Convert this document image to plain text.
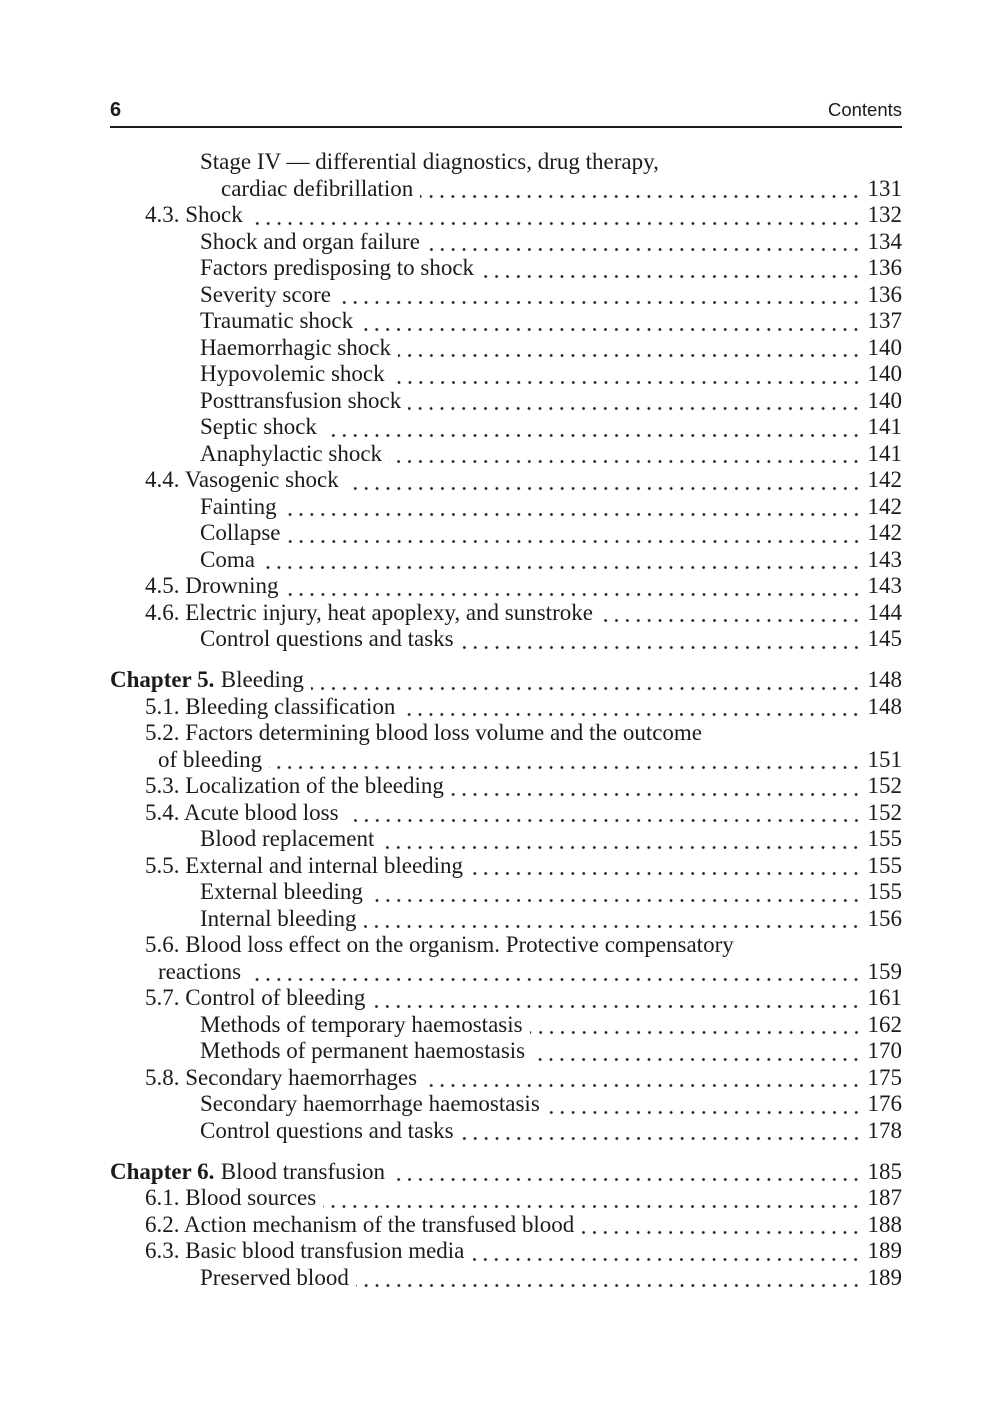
6	Contents
Stage IV — differential diagnostics, drug therapy,
cardiac defibrillation	131
4.3. Shock	132
Shock and organ failure	134
Factors predisposing to shock	136
Severity score	136
Traumatic shock	137
Haemorrhagic shock	140
Hypovolemic shock	140
Posttransfusion shock	140
Septic shock	141
Anaphylactic shock	141
4.4. Vasogenic shock	142
Fainting	142
Collapse	142
Coma	143
4.5. Drowning	143
4.6. Electric injury, heat apoplexy, and sunstroke	144
Control questions and tasks	145
Chapter 5. Bleeding	148
5.1. Bleeding classification	148
5.2. Factors determining blood loss volume and the outcome
of bleeding	151
5.3. Localization of the bleeding	152
5.4. Acute blood loss	152
Blood replacement	155
5.5. External and internal bleeding	155
External bleeding	155
Internal bleeding	156
5.6. Blood loss effect on the organism. Protective compensatory
reactions	159
5.7. Control of bleeding	161
Methods of temporary haemostasis	162
Methods of permanent haemostasis	170
5.8. Secondary haemorrhages	175
Secondary haemorrhage haemostasis	176
Control questions and tasks	178
Chapter 6. Blood transfusion	185
6.1. Blood sources	187
6.2. Action mechanism of the transfused blood	188
6.3. Basic blood transfusion media	189
Preserved blood	189
